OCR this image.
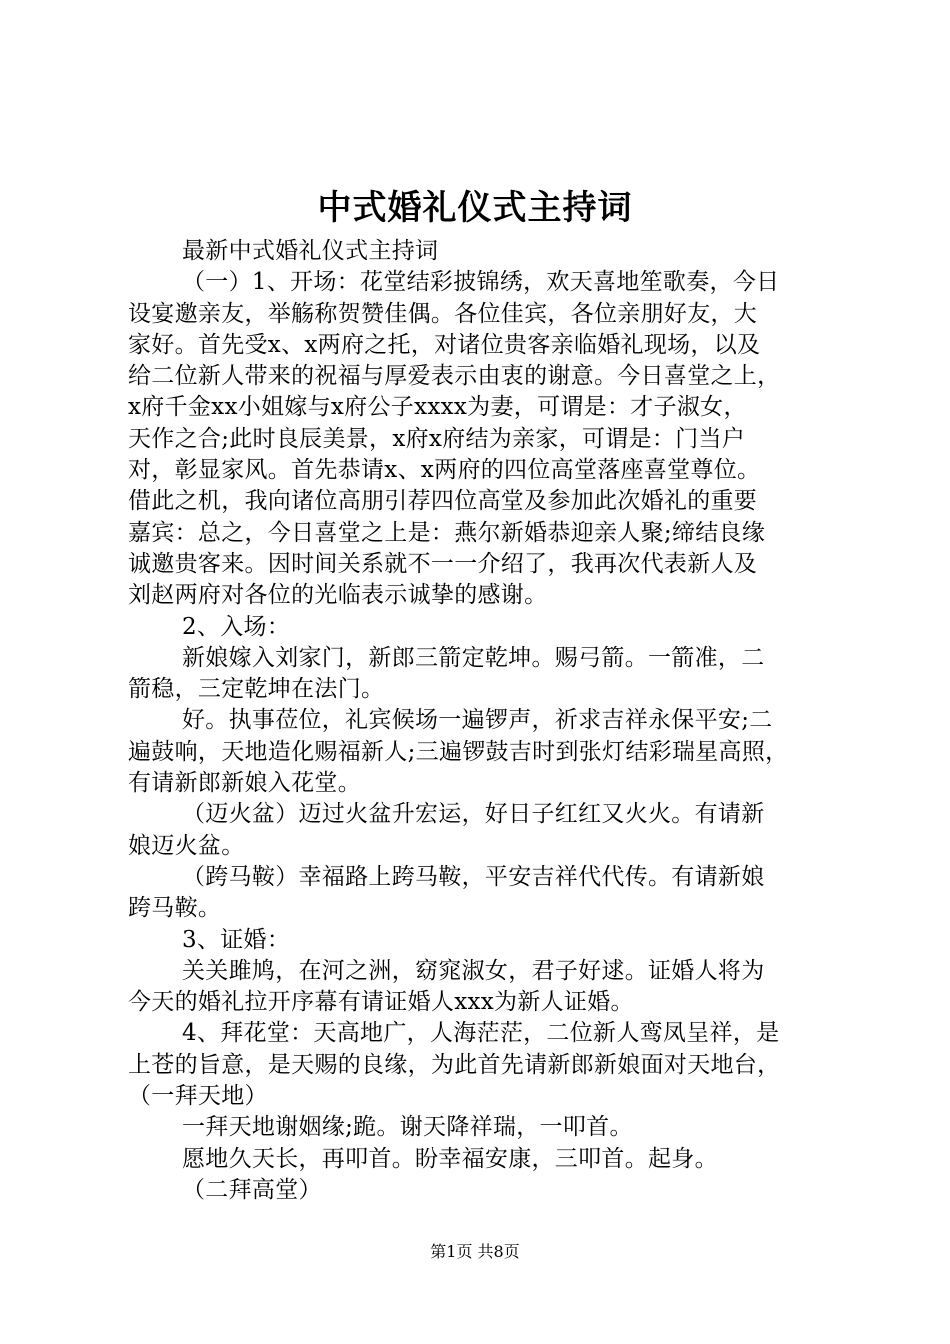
中式婚礼仪式主持词
最新中式婚礼仪式主持词
（一）1、开场：花堂结彩披锦绣，欢天喜地笙歌奏，今日
设宴邀亲友，举觞称贺赞佳偶。各位佳宾，各位亲朋好友，大
家好。首先受x、x两府之托，对诸位贵客亲临婚礼现场，以及
给二位新人带来的祝福与厚爱表示由衷的谢意。今日喜堂之上，
x府千金xx小姐嫁与x府公子xxxx为妻，可谓是：才子淑女，
天作之合;此时良辰美景，x府x府结为亲家，可谓是：门当户
对，彰显家风。首先恭请x、x两府的四位高堂落座喜堂尊位。
借此之机，我向诸位高朋引荐四位高堂及参加此次婚礼的重要
嘉宾：总之，今日喜堂之上是：燕尔新婚恭迎亲人聚;缔结良缘
诚邀贵客来。因时间关系就不一一介绍了，我再次代表新人及
刘赵两府对各位的光临表示诚挚的感谢。
2、入场：
新娘嫁入刘家门，新郎三箭定乾坤。赐弓箭。一箭准，二
箭稳，三定乾坤在法门。
好。执事莅位，礼宾候场一遍锣声，祈求吉祥永保平安;二
遍鼓响，天地造化赐福新人;三遍锣鼓吉时到张灯结彩瑞星高照，
有请新郎新娘入花堂。
（迈火盆）迈过火盆升宏运，好日子红红又火火。有请新
娘迈火盆。
（跨马鞍）幸福路上跨马鞍，平安吉祥代代传。有请新娘
跨马鞍。
3、证婚：
关关雎鸠，在河之洲，窈窕淑女，君子好逑。证婚人将为
今天的婚礼拉开序幕有请证婚人xxx为新人证婚。
4、拜花堂：天高地广，人海茫茫，二位新人鸾凤呈祥，是
上苍的旨意，是天赐的良缘，为此首先请新郎新娘面对天地台，
（一拜天地）
一拜天地谢姻缘;跪。谢天降祥瑞，一叩首。
愿地久天长，再叩首。盼幸福安康，三叩首。起身。
（二拜高堂）
第1页 共8页
